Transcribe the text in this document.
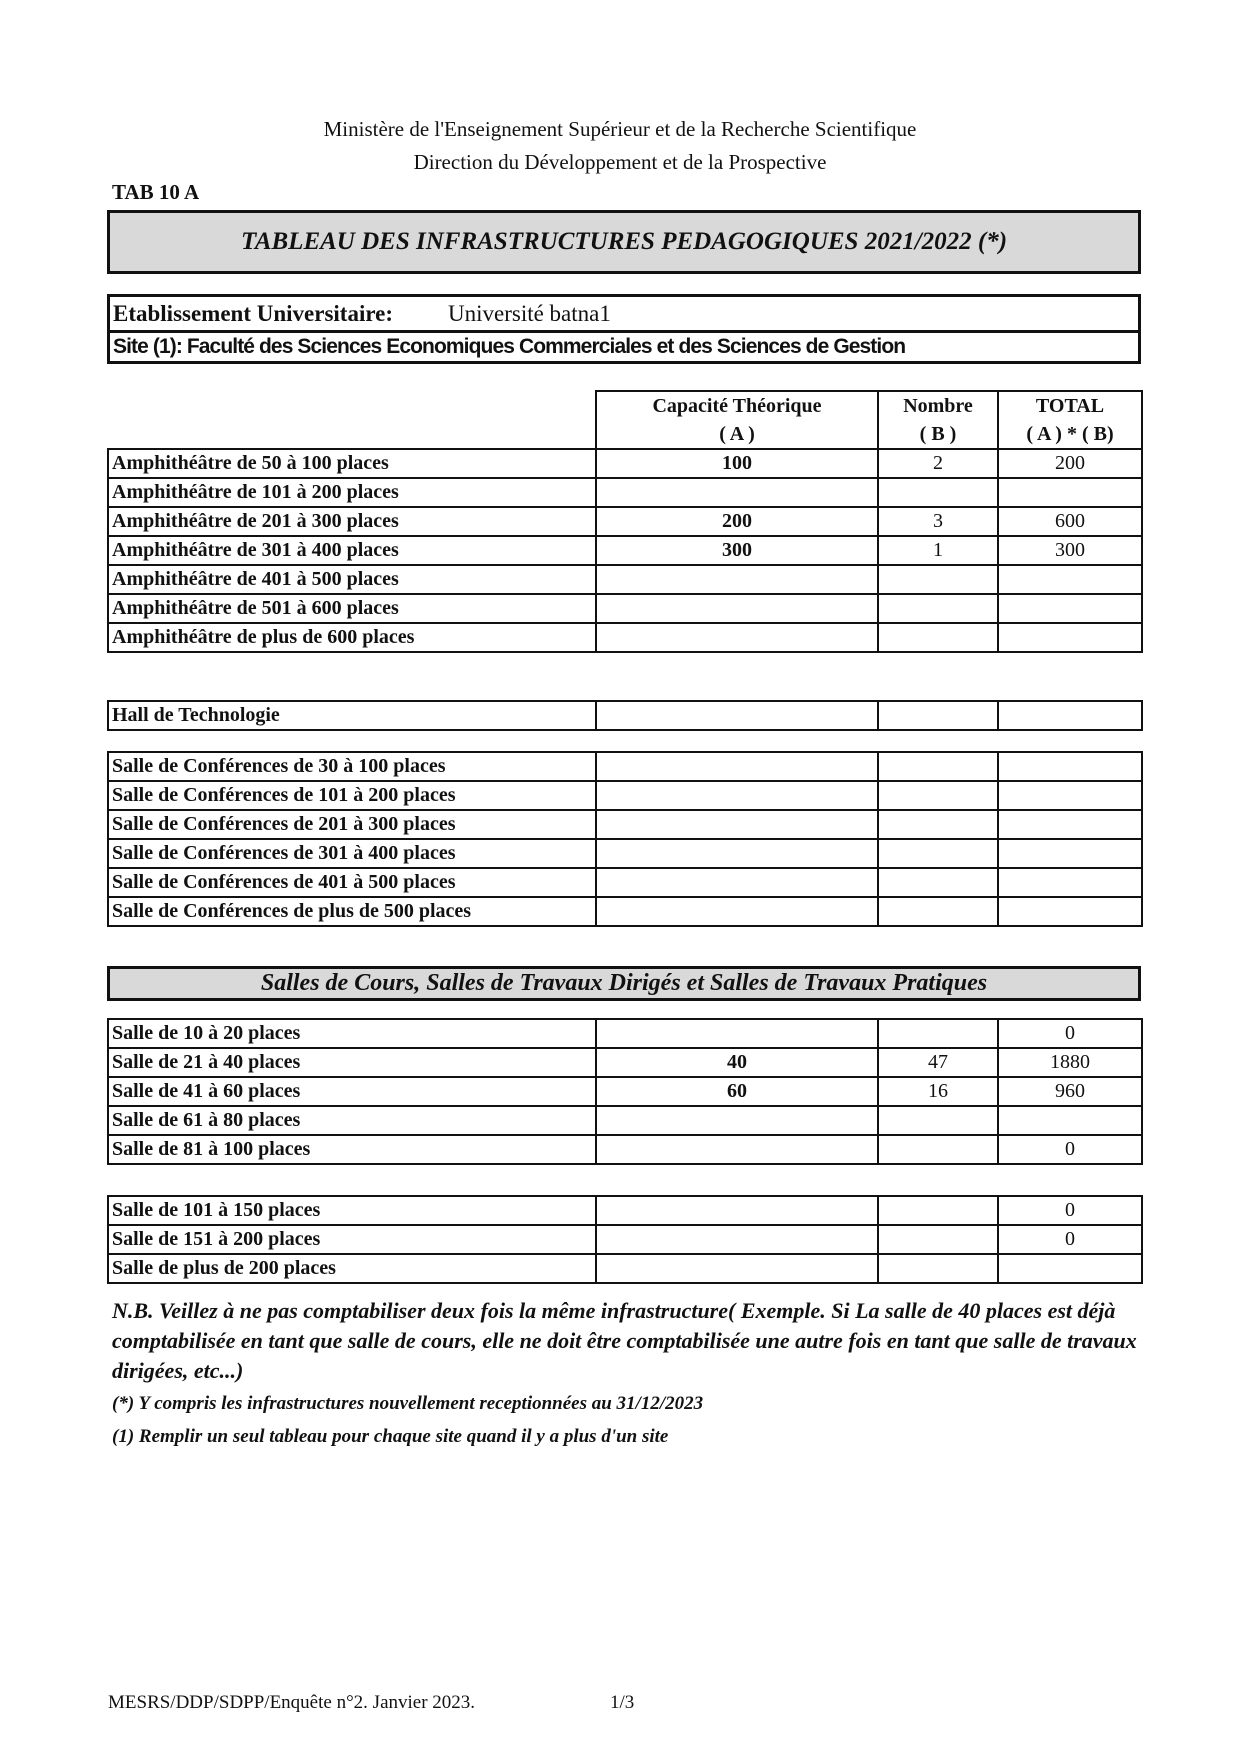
Ministère de l'Enseignement Supérieur et de la Recherche Scientifique
Direction du Développement et de la Prospective
TAB 10 A
TABLEAU DES INFRASTRUCTURES PEDAGOGIQUES 2021/2022 (*)
Etablissement Universitaire:	Université batna1
Site (1): Faculté des Sciences Economiques Commerciales et des Sciences de Gestion
	Capacité Théorique	Nombre	TOTAL
	( A )	( B )	( A ) * ( B)
Amphithéâtre de 50 à 100 places	100	2	200
Amphithéâtre de 101 à 200 places			
Amphithéâtre de 201 à 300 places	200	3	600
Amphithéâtre de 301 à 400 places	300	1	300
Amphithéâtre de 401 à 500 places			
Amphithéâtre de 501 à 600 places			
Amphithéâtre de plus de 600 places			
Hall de Technologie			
Salle de Conférences de 30 à 100 places			
Salle de Conférences de 101 à 200 places			
Salle de Conférences de 201 à 300 places			
Salle de Conférences de 301 à 400 places			
Salle de Conférences de 401 à 500 places			
Salle de Conférences de plus de 500 places			
Salles de Cours, Salles de Travaux Dirigés et Salles de Travaux Pratiques
Salle de 10 à 20 places			0
Salle de 21 à 40 places	40	47	1880
Salle de 41 à 60 places	60	16	960
Salle de 61 à 80 places			
Salle de 81 à 100 places			0
Salle de 101 à 150 places			0
Salle de 151 à 200 places			0
Salle de plus de 200 places			
N.B. Veillez à ne pas comptabiliser deux fois la même infrastructure( Exemple. Si La salle de 40 places est déjà comptabilisée en tant que salle de cours, elle ne doit être comptabilisée une autre fois en tant que salle de travaux dirigées, etc...)
(*) Y compris les infrastructures nouvellement receptionnées au 31/12/2023
(1) Remplir un seul tableau pour chaque site quand il y a plus d'un site
MESRS/DDP/SDPP/Enquête n°2. Janvier 2023.	1/3
